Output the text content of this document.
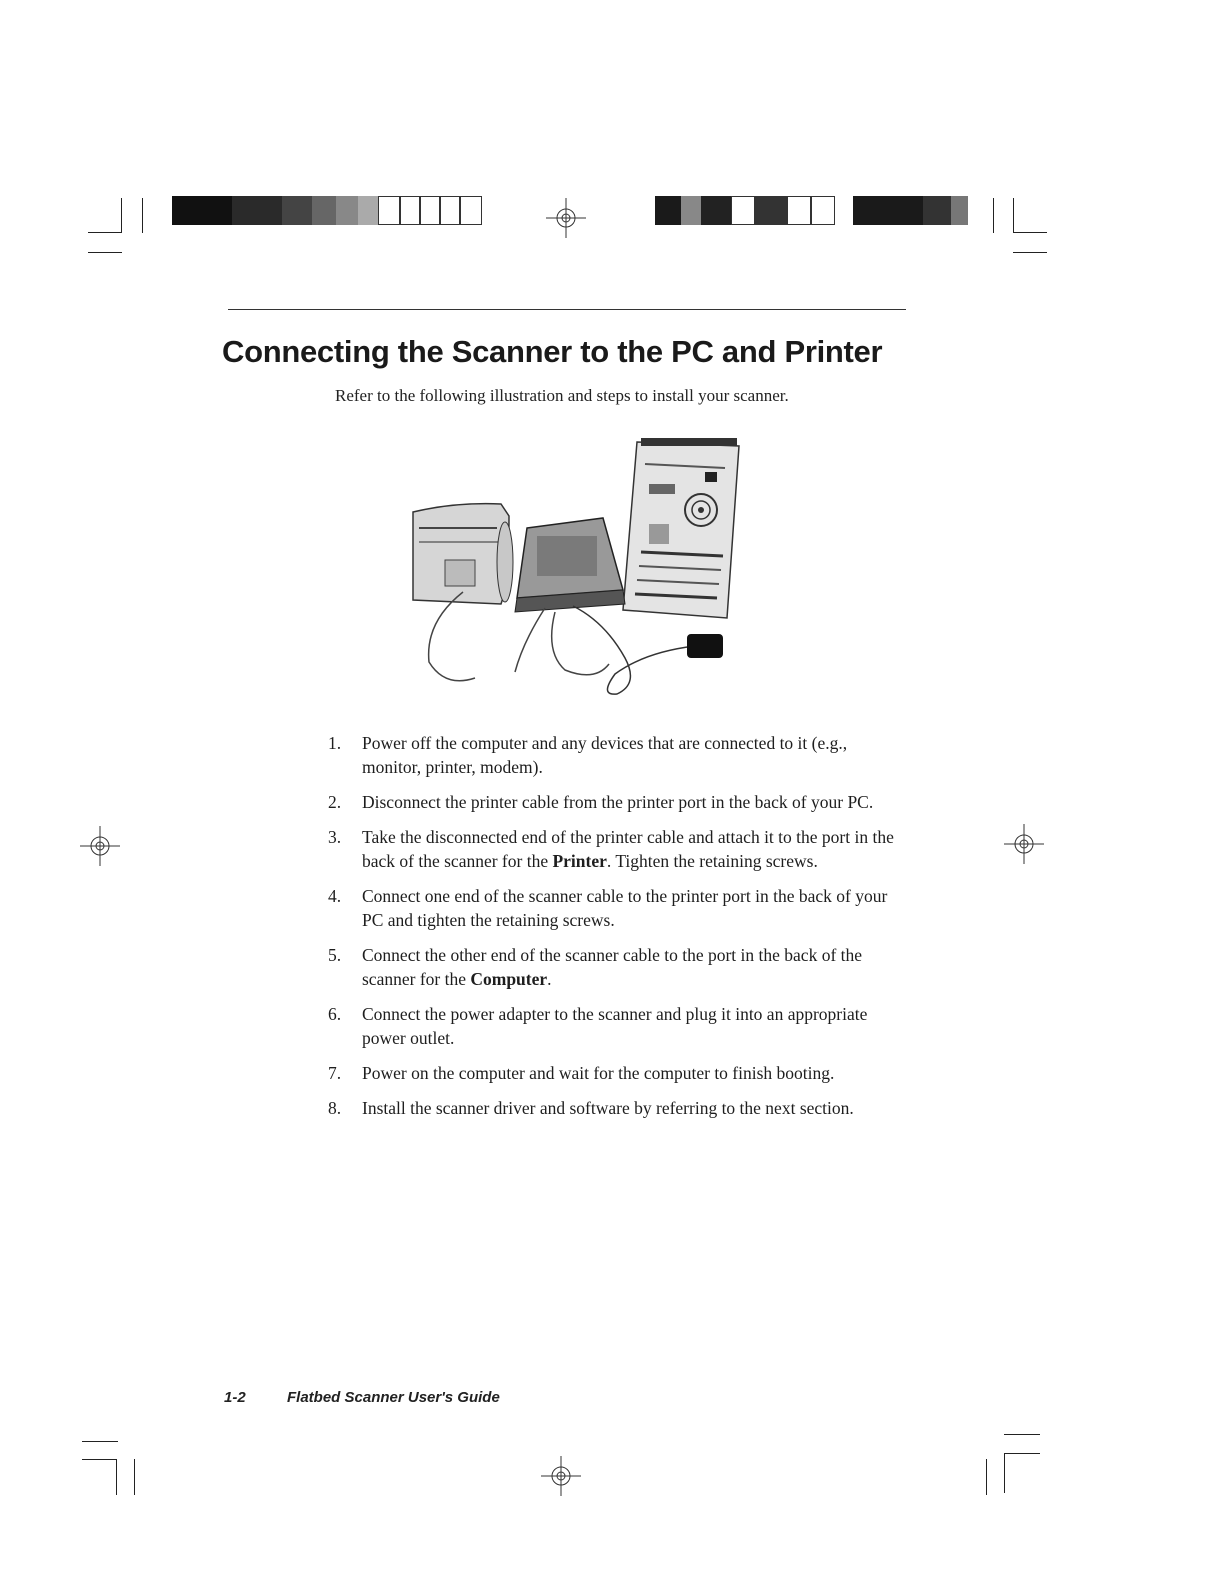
Connecting the Scanner to the PC and Printer
Refer to the following illustration and steps to install your scanner.
1.	Power off the computer and any devices that are connected to it (e.g., monitor, printer, modem).
2.	Disconnect the printer cable from the printer port in the back of your PC.
3.	Take the disconnected end of the printer cable and attach it to the port in the back of the scanner for the Printer. Tighten the retaining screws.
4.	Connect one end of the scanner cable to the printer port in the back of your PC and tighten the retaining screws.
5.	Connect the other end of the scanner cable to the port in the back of the scanner for the Computer.
6.	Connect the power adapter to the scanner and plug it into an appropriate power outlet.
7.	Power on the computer and wait for the computer to finish booting.
8.	Install the scanner driver and software by referring to the next section.
1-2	Flatbed Scanner User's Guide
